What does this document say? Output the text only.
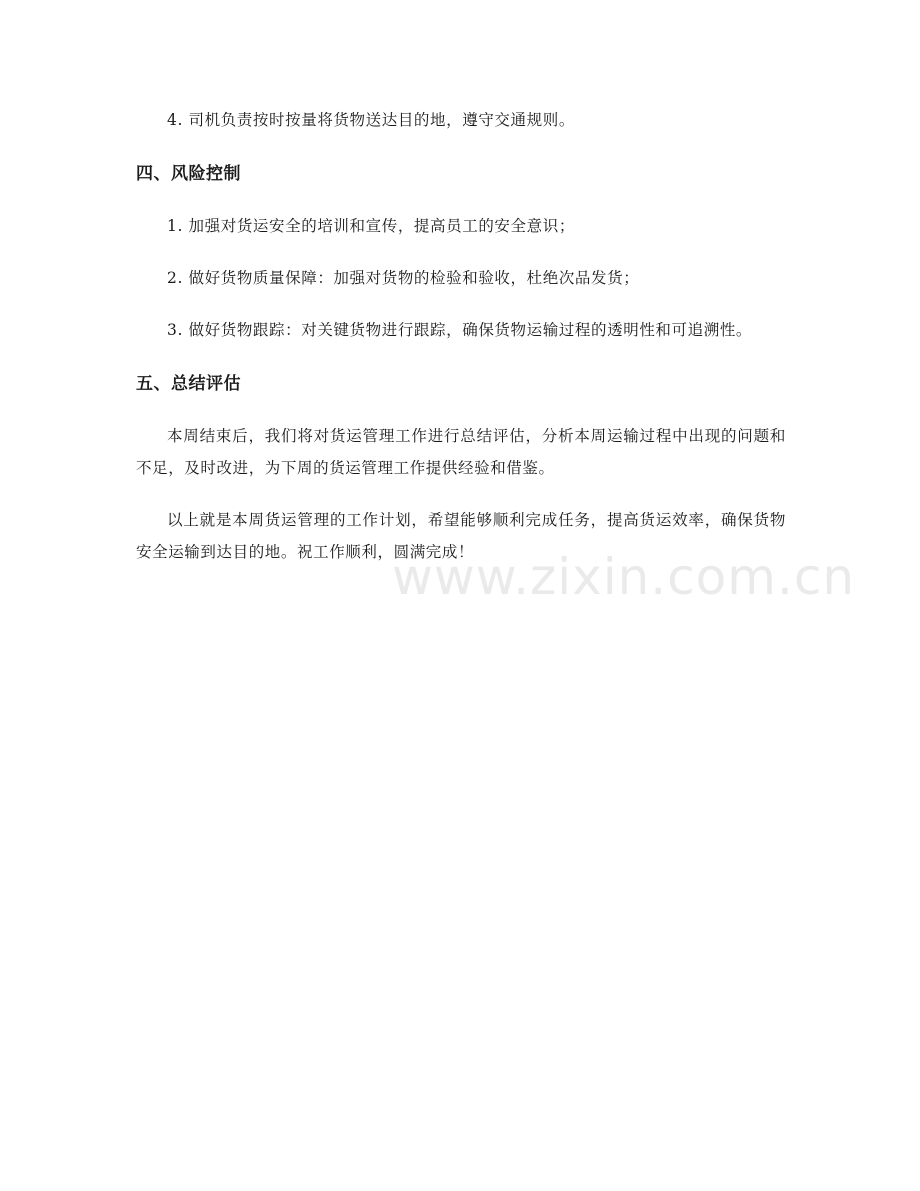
4. 司机负责按时按量将货物送达目的地，遵守交通规则。

四、风险控制

1. 加强对货运安全的培训和宣传，提高员工的安全意识；

2. 做好货物质量保障：加强对货物的检验和验收，杜绝次品发货；

3. 做好货物跟踪：对关键货物进行跟踪，确保货物运输过程的透明性和可追溯性。

五、总结评估

本周结束后，我们将对货运管理工作进行总结评估，分析本周运输过程中出现的问题和不足，及时改进，为下周的货运管理工作提供经验和借鉴。

以上就是本周货运管理的工作计划，希望能够顺利完成任务，提高货运效率，确保货物安全运输到达目的地。祝工作顺利，圆满完成！

www.zixin.com.cn
